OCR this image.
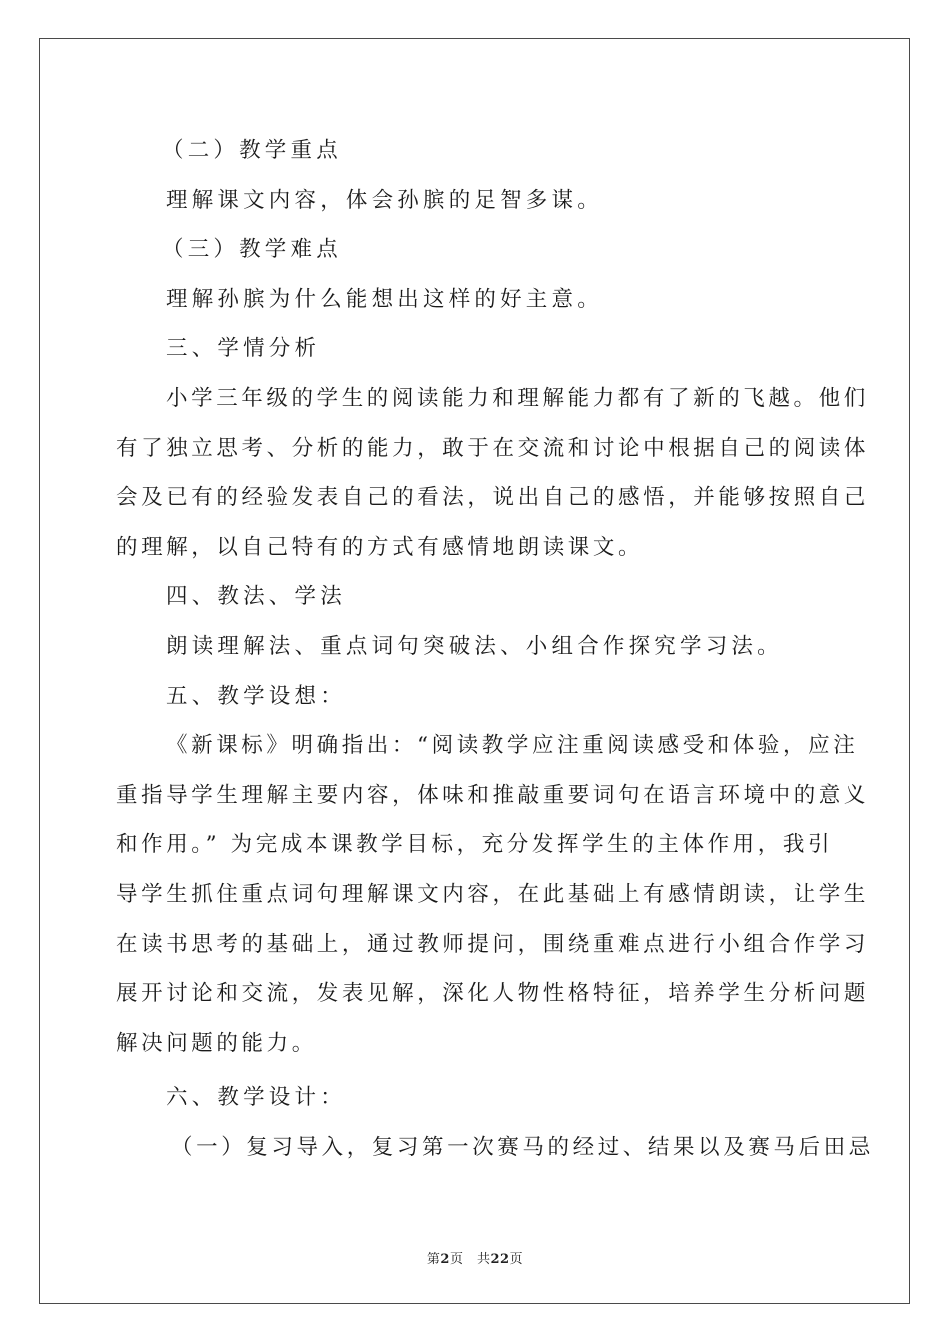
（二）教学重点
理解课文内容，体会孙膑的足智多谋。
（三）教学难点
理解孙膑为什么能想出这样的好主意。
三、学情分析
小学三年级的学生的阅读能力和理解能力都有了新的飞越。他们
有了独立思考、分析的能力，敢于在交流和讨论中根据自己的阅读体
会及已有的经验发表自己的看法，说出自己的感悟，并能够按照自己
的理解，以自己特有的方式有感情地朗读课文。
四、教法、学法
朗读理解法、重点词句突破法、小组合作探究学习法。
五、教学设想：
《新课标》明确指出：“阅读教学应注重阅读感受和体验，应注
重指导学生理解主要内容，体味和推敲重要词句在语言环境中的意义
和作用。” 为完成本课教学目标，充分发挥学生的主体作用，我引
导学生抓住重点词句理解课文内容，在此基础上有感情朗读，让学生
在读书思考的基础上，通过教师提问，围绕重难点进行小组合作学习
展开讨论和交流，发表见解，深化人物性格特征，培养学生分析问题
解决问题的能力。
六、教学设计：
（一）复习导入，复习第一次赛马的经过、结果以及赛马后田忌
第2页　共22页
